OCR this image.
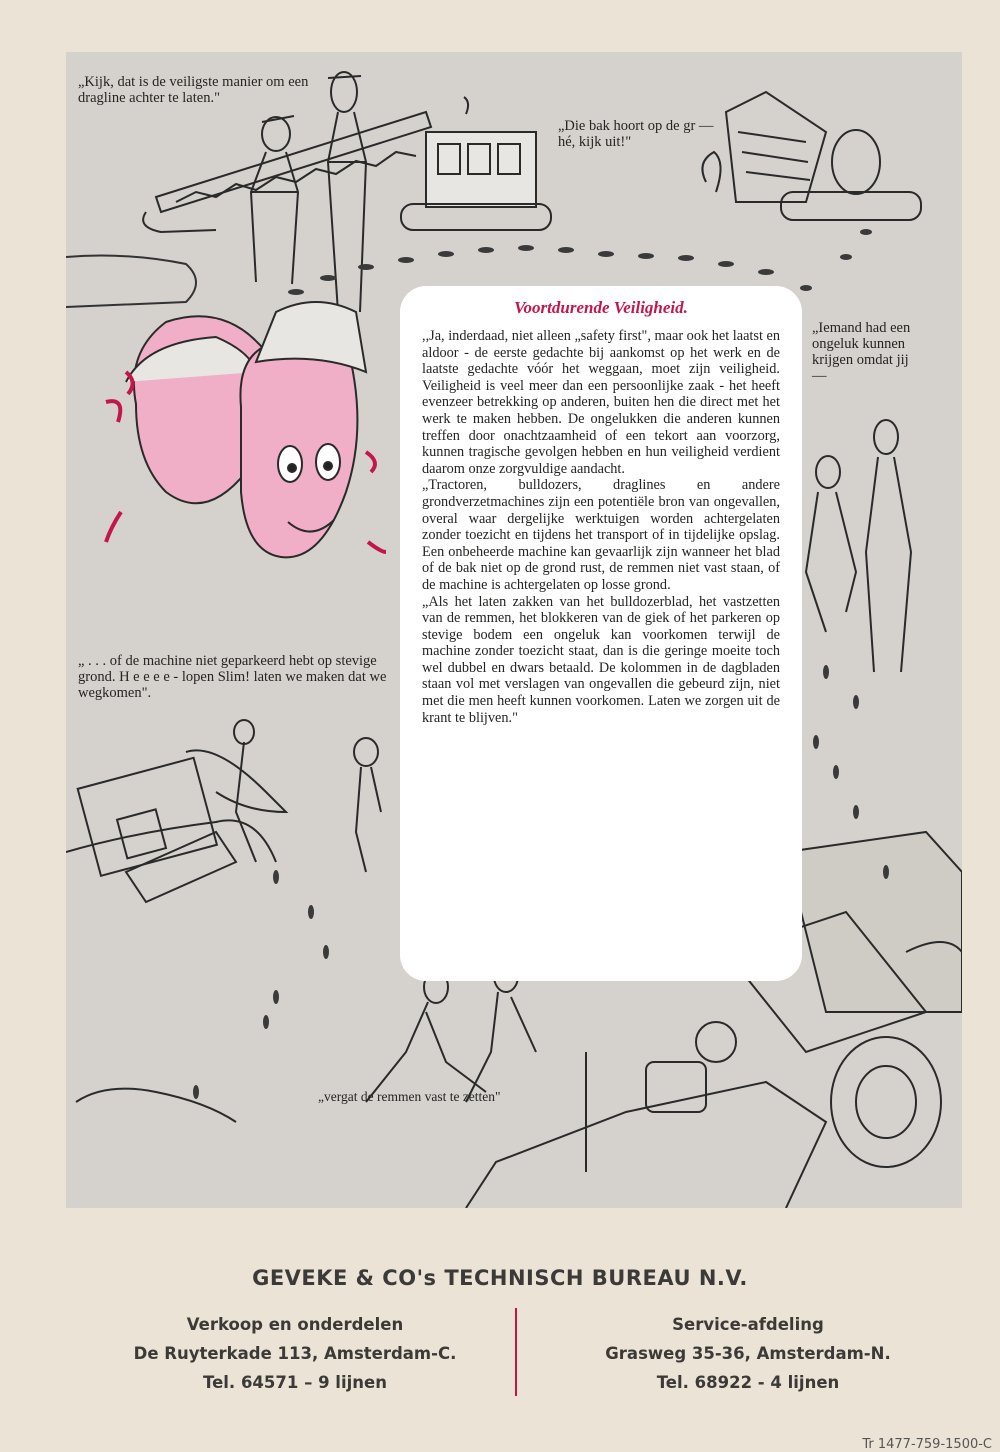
„Kijk, dat is de veiligste manier om een dragline achter te laten."

„Die bak hoort op de gr — hé, kijk uit!"

„Iemand had een ongeluk kunnen krijgen omdat jij —

„ . . . of de machine niet geparkeerd hebt op stevige grond. H e e e e - lopen Slim! laten we maken dat we wegkomen".

„vergat de remmen vast te zetten"

Voortdurende Veiligheid.

,,Ja, inderdaad, niet alleen „safety first", maar ook het laatst en aldoor - de eerste gedachte bij aankomst op het werk en de laatste gedachte vóór het weggaan, moet zijn veiligheid. Veiligheid is veel meer dan een persoonlijke zaak - het heeft evenzeer betrekking op anderen, buiten hen die direct met het werk te maken hebben. De ongelukken die anderen kunnen treffen door onachtzaamheid of een tekort aan voorzorg, kunnen tragische gevolgen hebben en hun veiligheid verdient daarom onze zorgvuldige aandacht.

„Tractoren, bulldozers, draglines en andere grondverzetmachines zijn een potentiële bron van ongevallen, overal waar dergelijke werktuigen worden achtergelaten zonder toezicht en tijdens het transport of in tijdelijke opslag. Een onbeheerde machine kan gevaarlijk zijn wanneer het blad of de bak niet op de grond rust, de remmen niet vast staan, of de machine is achtergelaten op losse grond.

„Als het laten zakken van het bulldozerblad, het vastzetten van de remmen, het blokkeren van de giek of het parkeren op stevige bodem een ongeluk kan voorkomen terwijl de machine zonder toezicht staat, dan is die geringe moeite toch wel dubbel en dwars betaald. De kolommen in de dagbladen staan vol met verslagen van ongevallen die gebeurd zijn, niet met die men heeft kunnen voorkomen. Laten we zorgen uit de krant te blijven."

GEVEKE & CO's TECHNISCH BUREAU N.V.
Verkoop en onderdelen
De Ruyterkade 113, Amsterdam-C.
Tel. 64571 – 9 lijnen
Service-afdeling
Grasweg 35-36, Amsterdam-N.
Tel. 68922 - 4 lijnen
Tr 1477-759-1500-C
